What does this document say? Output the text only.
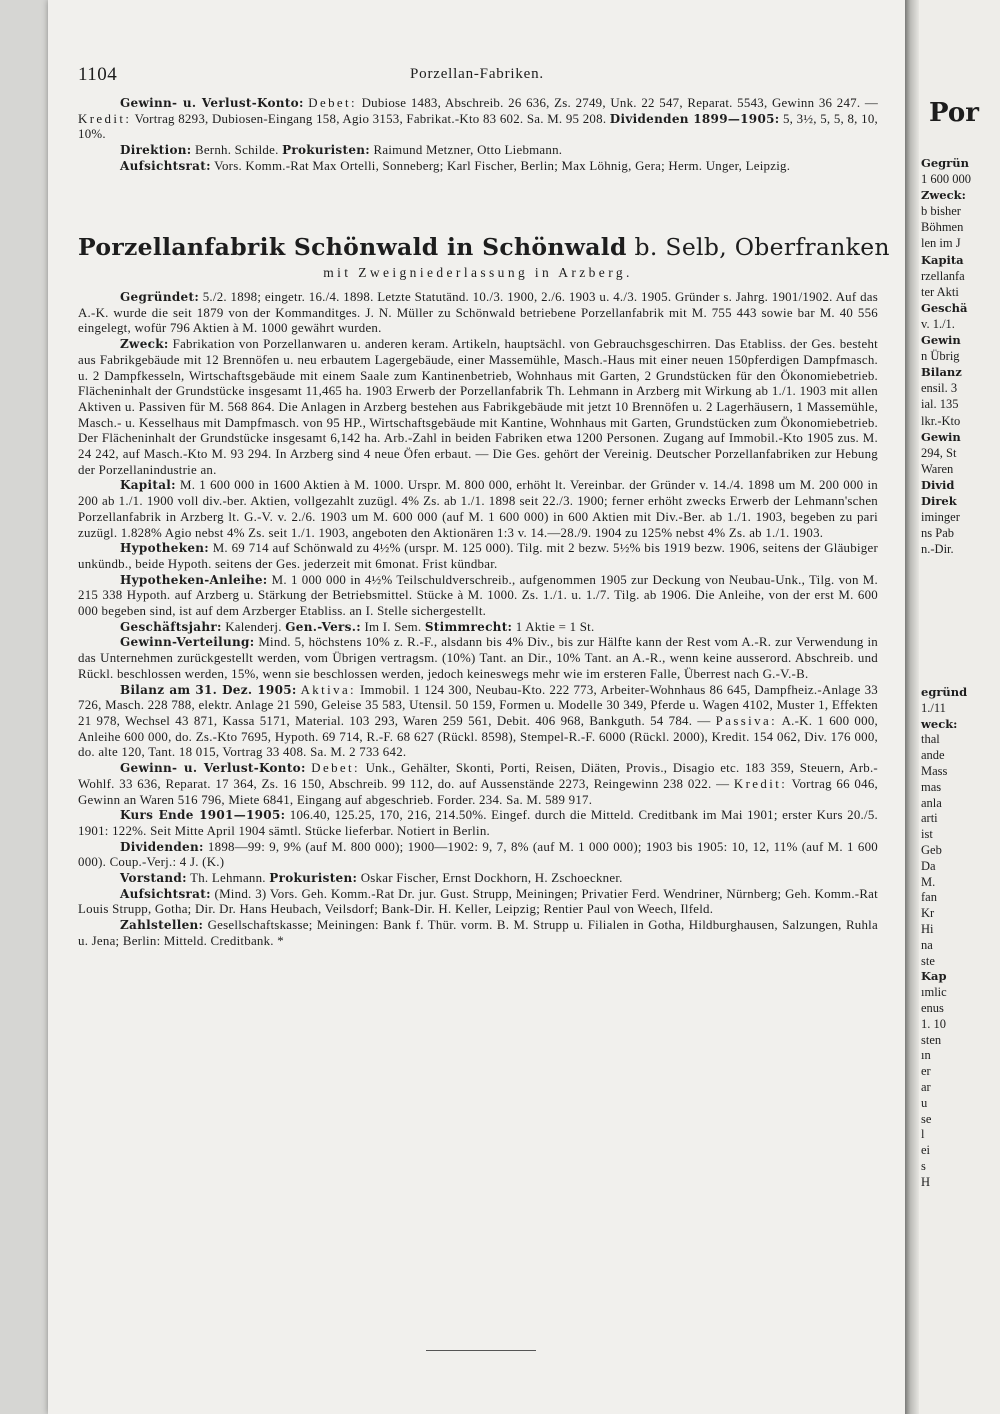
Por
Gegrün
1 600 000
Zweck:
b bisher
Böhmen
len im J
Kapita
rzellanfa
ter Akti
Geschä
v. 1./1.
Gewin
n Übrig
Bilanz
ensil. 3
ial. 135
lkr.-Kto
Gewin
294, St
Waren
Divid
Direk
iminger
ns Pab
n.-Dir.
egründ
1./11
weck:
thal
ande
Mass
mas
anla
arti
ist
Geb
Da
M.
fan
Kr
Hi
na
ste
Kap
ımlic
enus
1. 10
sten
ın
er
ar
u
se
l
ei
s
H
1104	Porzellan-Fabriken.

Gewinn- u. Verlust-Konto: Debet: Dubiose 1483, Abschreib. 26 636, Zs. 2749, Unk. 22 547, Reparat. 5543, Gewinn 36 247. — Kredit: Vortrag 8293, Dubiosen-Eingang 158, Agio 3153, Fabrikat.-Kto 83 602. Sa. M. 95 208. Dividenden 1899—1905: 5, 3½, 5, 5, 8, 10, 10%.

Direktion: Bernh. Schilde. Prokuristen: Raimund Metzner, Otto Liebmann.

Aufsichtsrat: Vors. Komm.-Rat Max Ortelli, Sonneberg; Karl Fischer, Berlin; Max Löhnig, Gera; Herm. Unger, Leipzig.

Porzellanfabrik Schönwald in Schönwald b. Selb, Oberfranken
mit Zweigniederlassung in Arzberg.

Gegründet: 5./2. 1898; eingetr. 16./4. 1898. Letzte Statutänd. 10./3. 1900, 2./6. 1903 u. 4./3. 1905. Gründer s. Jahrg. 1901/1902. Auf das A.-K. wurde die seit 1879 von der Kommanditges. J. N. Müller zu Schönwald betriebene Porzellanfabrik mit M. 755 443 sowie bar M. 40 556 eingelegt, wofür 796 Aktien à M. 1000 gewährt wurden.

Zweck: Fabrikation von Porzellanwaren u. anderen keram. Artikeln, hauptsächl. von Gebrauchsgeschirren. Das Etabliss. der Ges. besteht aus Fabrikgebäude mit 12 Brennöfen u. neu erbautem Lagergebäude, einer Massemühle, Masch.-Haus mit einer neuen 150pferdigen Dampfmasch. u. 2 Dampfkesseln, Wirtschaftsgebäude mit einem Saale zum Kantinenbetrieb, Wohnhaus mit Garten, 2 Grundstücken für den Ökonomiebetrieb. Flächeninhalt der Grundstücke insgesamt 11,465 ha. 1903 Erwerb der Porzellanfabrik Th. Lehmann in Arzberg mit Wirkung ab 1./1. 1903 mit allen Aktiven u. Passiven für M. 568 864. Die Anlagen in Arzberg bestehen aus Fabrikgebäude mit jetzt 10 Brennöfen u. 2 Lagerhäusern, 1 Massemühle, Masch.- u. Kesselhaus mit Dampfmasch. von 95 HP., Wirtschaftsgebäude mit Kantine, Wohnhaus mit Garten, Grundstücken zum Ökonomiebetrieb. Der Flächeninhalt der Grundstücke insgesamt 6,142 ha. Arb.-Zahl in beiden Fabriken etwa 1200 Personen. Zugang auf Immobil.-Kto 1905 zus. M. 24 242, auf Masch.-Kto M. 93 294. In Arzberg sind 4 neue Öfen erbaut. — Die Ges. gehört der Vereinig. Deutscher Porzellanfabriken zur Hebung der Porzellanindustrie an.

Kapital: M. 1 600 000 in 1600 Aktien à M. 1000. Urspr. M. 800 000, erhöht lt. Vereinbar. der Gründer v. 14./4. 1898 um M. 200 000 in 200 ab 1./1. 1900 voll div.-ber. Aktien, vollgezahlt zuzügl. 4% Zs. ab 1./1. 1898 seit 22./3. 1900; ferner erhöht zwecks Erwerb der Lehmann'schen Porzellanfabrik in Arzberg lt. G.-V. v. 2./6. 1903 um M. 600 000 (auf M. 1 600 000) in 600 Aktien mit Div.-Ber. ab 1./1. 1903, begeben zu pari zuzügl. 1.828% Agio nebst 4% Zs. seit 1./1. 1903, angeboten den Aktionären 1:3 v. 14.—28./9. 1904 zu 125% nebst 4% Zs. ab 1./1. 1903.

Hypotheken: M. 69 714 auf Schönwald zu 4½% (urspr. M. 125 000). Tilg. mit 2 bezw. 5½% bis 1919 bezw. 1906, seitens der Gläubiger unkündb., beide Hypoth. seitens der Ges. jederzeit mit 6monat. Frist kündbar.

Hypotheken-Anleihe: M. 1 000 000 in 4½% Teilschuldverschreib., aufgenommen 1905 zur Deckung von Neubau-Unk., Tilg. von M. 215 338 Hypoth. auf Arzberg u. Stärkung der Betriebsmittel. Stücke à M. 1000. Zs. 1./1. u. 1./7. Tilg. ab 1906. Die Anleihe, von der erst M. 600 000 begeben sind, ist auf dem Arzberger Etabliss. an I. Stelle sichergestellt.

Geschäftsjahr: Kalenderj. Gen.-Vers.: Im I. Sem. Stimmrecht: 1 Aktie = 1 St.

Gewinn-Verteilung: Mind. 5, höchstens 10% z. R.-F., alsdann bis 4% Div., bis zur Hälfte kann der Rest vom A.-R. zur Verwendung in das Unternehmen zurückgestellt werden, vom Übrigen vertragsm. (10%) Tant. an Dir., 10% Tant. an A.-R., wenn keine ausserord. Abschreib. und Rückl. beschlossen werden, 15%, wenn sie beschlossen werden, jedoch keineswegs mehr wie im ersteren Falle, Überrest nach G.-V.-B.

Bilanz am 31. Dez. 1905: Aktiva: Immobil. 1 124 300, Neubau-Kto. 222 773, Arbeiter-Wohnhaus 86 645, Dampfheiz.-Anlage 33 726, Masch. 228 788, elektr. Anlage 21 590, Geleise 35 583, Utensil. 50 159, Formen u. Modelle 30 349, Pferde u. Wagen 4102, Muster 1, Effekten 21 978, Wechsel 43 871, Kassa 5171, Material. 103 293, Waren 259 561, Debit. 406 968, Bankguth. 54 784. — Passiva: A.-K. 1 600 000, Anleihe 600 000, do. Zs.-Kto 7695, Hypoth. 69 714, R.-F. 68 627 (Rückl. 8598), Stempel-R.-F. 6000 (Rückl. 2000), Kredit. 154 062, Div. 176 000, do. alte 120, Tant. 18 015, Vortrag 33 408. Sa. M. 2 733 642.

Gewinn- u. Verlust-Konto: Debet: Unk., Gehälter, Skonti, Porti, Reisen, Diäten, Provis., Disagio etc. 183 359, Steuern, Arb.-Wohlf. 33 636, Reparat. 17 364, Zs. 16 150, Abschreib. 99 112, do. auf Aussenstände 2273, Reingewinn 238 022. — Kredit: Vortrag 66 046, Gewinn an Waren 516 796, Miete 6841, Eingang auf abgeschrieb. Forder. 234. Sa. M. 589 917.

Kurs Ende 1901—1905: 106.40, 125.25, 170, 216, 214.50%. Eingef. durch die Mitteld. Creditbank im Mai 1901; erster Kurs 20./5. 1901: 122%. Seit Mitte April 1904 sämtl. Stücke lieferbar. Notiert in Berlin.

Dividenden: 1898—99: 9, 9% (auf M. 800 000); 1900—1902: 9, 7, 8% (auf M. 1 000 000); 1903 bis 1905: 10, 12, 11% (auf M. 1 600 000). Coup.-Verj.: 4 J. (K.)

Vorstand: Th. Lehmann. Prokuristen: Oskar Fischer, Ernst Dockhorn, H. Zschoeckner.

Aufsichtsrat: (Mind. 3) Vors. Geh. Komm.-Rat Dr. jur. Gust. Strupp, Meiningen; Privatier Ferd. Wendriner, Nürnberg; Geh. Komm.-Rat Louis Strupp, Gotha; Dir. Dr. Hans Heubach, Veilsdorf; Bank-Dir. H. Keller, Leipzig; Rentier Paul von Weech, Ilfeld.

Zahlstellen: Gesellschaftskasse; Meiningen: Bank f. Thür. vorm. B. M. Strupp u. Filialen in Gotha, Hildburghausen, Salzungen, Ruhla u. Jena; Berlin: Mitteld. Creditbank. *
